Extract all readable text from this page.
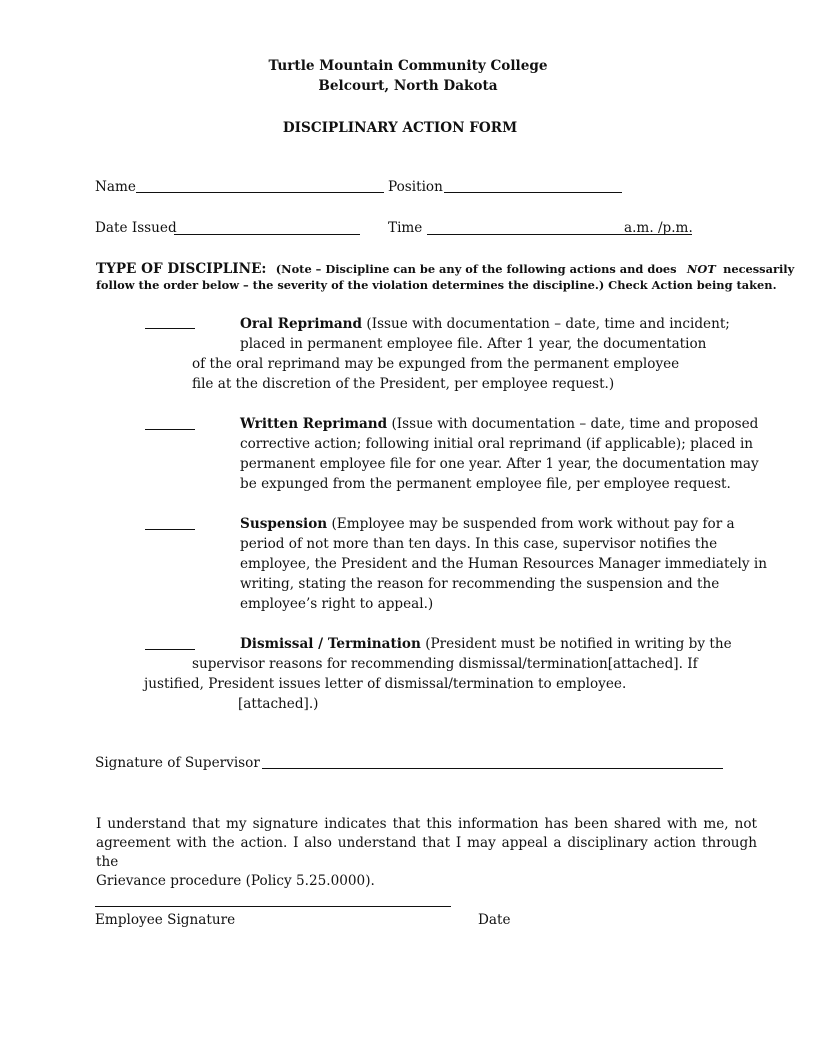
Turtle Mountain Community College
Belcourt, North Dakota
DISCIPLINARY ACTION FORM
Name	Position
Date Issued	Time	a.m. /p.m.
TYPE OF DISCIPLINE: (Note – Discipline can be any of the following actions and does NOT necessarily
follow the order below – the severity of the violation determines the discipline.) Check Action being taken.
Oral Reprimand (Issue with documentation – date, time and incident;
placed in permanent employee file. After 1 year, the documentation
of the oral reprimand may be expunged from the permanent employee
file at the discretion of the President, per employee request.)
Written Reprimand (Issue with documentation – date, time and proposed
corrective action; following initial oral reprimand (if applicable); placed in
permanent employee file for one year. After 1 year, the documentation may
be expunged from the permanent employee file, per employee request.
Suspension (Employee may be suspended from work without pay for a
period of not more than ten days. In this case, supervisor notifies the
employee, the President and the Human Resources Manager immediately in
writing, stating the reason for recommending the suspension and the
employee’s right to appeal.)
Dismissal / Termination (President must be notified in writing by the
supervisor reasons for recommending dismissal/termination[attached]. If
justified, President issues letter of dismissal/termination to employee.
[attached].)
Signature of Supervisor
I understand that my signature indicates that this information has been shared with me, not
agreement with the action. I also understand that I may appeal a disciplinary action through the
Grievance procedure (Policy 5.25.0000).
Employee Signature	Date
